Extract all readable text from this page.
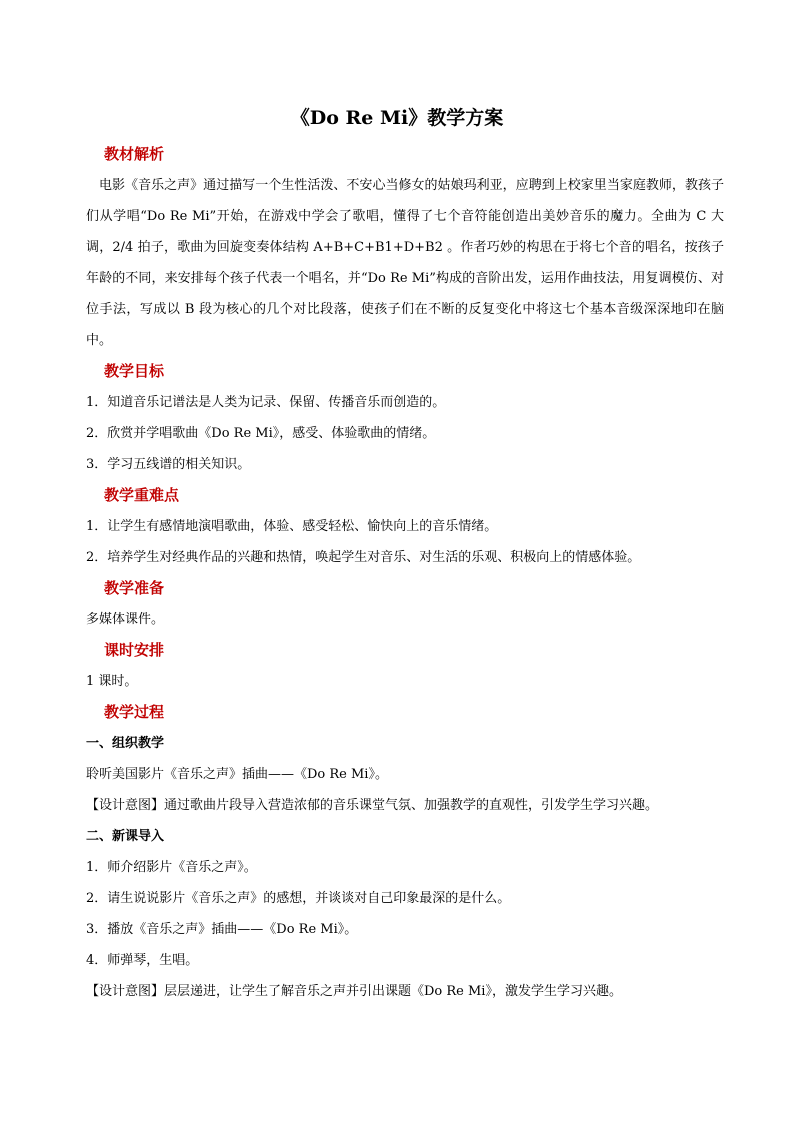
《Do Re Mi》教学方案
教材解析
电影《音乐之声》通过描写一个生性活泼、不安心当修女的姑娘玛利亚，应聘到上校家里当家庭教师，教孩子们从学唱“Do Re Mi”开始，在游戏中学会了歌唱，懂得了七个音符能创造出美妙音乐的魔力。全曲为 C 大调，2/4 拍子，歌曲为回旋变奏体结构 A+B+C+B1+D+B2 。作者巧妙的构思在于将七个音的唱名，按孩子年龄的不同，来安排每个孩子代表一个唱名，并“Do Re Mi”构成的音阶出发，运用作曲技法，用复调模仿、对位手法，写成以 B 段为核心的几个对比段落，使孩子们在不断的反复变化中将这七个基本音级深深地印在脑中。
教学目标
1．知道音乐记谱法是人类为记录、保留、传播音乐而创造的。
2．欣赏并学唱歌曲《Do Re Mi》，感受、体验歌曲的情绪。
3．学习五线谱的相关知识。
教学重难点
1．让学生有感情地演唱歌曲，体验、感受轻松、愉快向上的音乐情绪。
2．培养学生对经典作品的兴趣和热情，唤起学生对音乐、对生活的乐观、积极向上的情感体验。
教学准备
多媒体课件。
课时安排
1 课时。
教学过程
一、组织教学
聆听美国影片《音乐之声》插曲——《Do Re Mi》。
【设计意图】通过歌曲片段导入营造浓郁的音乐课堂气氛、加强教学的直观性，引发学生学习兴趣。
二、新课导入
1．师介绍影片《音乐之声》。
2．请生说说影片《音乐之声》的感想，并谈谈对自己印象最深的是什么。
3．播放《音乐之声》插曲——《Do Re Mi》。
4．师弹琴，生唱。
【设计意图】层层递进，让学生了解音乐之声并引出课题《Do Re Mi》，激发学生学习兴趣。
